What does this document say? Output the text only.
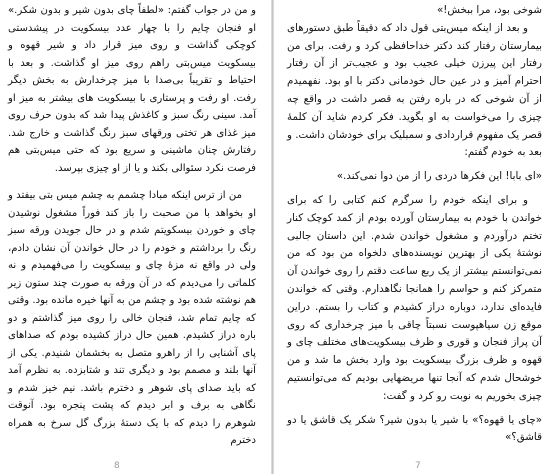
و من در جواب گفتم: «لطفاً چای بدون شیر و بدون شکر.» او فنجان چایم را با چهار عدد بیسکویت در پیشدستی کوچکی گذاشت و روی میز قرار داد و شیر قهوه و بیسکویت میس‌بتی راهم روی میز او گذاشت. و بعد با احتیاط و تقریباً بی‌صدا با میز چرخدارش به بخش دیگر رفت. او رفت و پرستاری با بیسکویت های بیشتر به میز او آمد. سینی رنگ سبز و کاغذش پیدا شد که بدون حرف روی میز غذای هر تختی ورقهای سبز رنگ گذاشت و خارج شد. رفتارش چنان ماشینی و سریع بود که حتی میس‌بتی هم فرصت نکرد سئوالی بکند و یا از او چیزی بپرسد.

من از ترس اینکه مبادا چشمم به چشم میس بتی بیفتد و او بخواهد با من صحبت را باز کند فوراً مشغول نوشیدن چای و خوردن بیسکویتم شدم و در حال جویدن ورقه سبز رنگ را برداشتم و خودم را در حال خواندن آن نشان دادم، ولی در واقع نه مزهٔ چای و بیسکویت را می‌فهمیدم و نه کلماتی را می‌دیدم که در آن ورقه به صورت چند ستون زیر هم نوشته شده بود و چشم من به آنها خیره مانده بود. وقتی که چایم تمام شد، فنجان خالی را روی میز گذاشتم و دو باره دراز کشیدم. همین حال دراز کشیده بودم که صداهای پای آشنایی را از راهرو متصل به بخشمان شنیدم. یکی از آنها بلند و مصمم بود و دیگری تند و شتابزده. به نظرم آمد که باید صدای پای شوهر و دخترم باشد. نیم خیز شدم و نگاهی به برف و ابر دیدم که پشت پنجره بود. آنوقت شوهرم را دیدم که با یک دستهٔ بزرگ گل سرخ به همراه دخترم

8

شوخی بود، مرا ببخش!»

و بعد از اینکه میس‌بتی قول داد که دقیقاً طبق دستورهای بیمارستان رفتار کند دکتر خداحافظی کرد و رفت. برای من رفتار این پیرزن خیلی عجیب بود و عجیب‌تر از آن رفتار احترام آمیز و در عین حال خودمانی دکتر با او بود. نفهمیدم از آن شوخی که در باره رفتن به قصر داشت در واقع چه چیزی را می‌خواست به او بگوید. فکر کردم شاید آن کلمهٔ قصر یک مفهوم قراردادی و سمبلیک برای خودشان داشت. و بعد به خودم گفتم:

«ای بابا! این فکرها دردی را از من دوا نمی‌کند.»

و برای اینکه خودم را سرگرم کنم کتابی را که برای خواندن با خودم به بیمارستان آورده بودم از کمد کوچک کنار تختم درآوردم و مشغول خواندن شدم. این داستان جالبی نوشتهٔ یکی از بهترین نویسنده‌های دلخواه من بود که من نمی‌توانستم بیشتر از یک ربع ساعت دقتم را روی خواندن آن متمرکز کنم و حواسم را همانجا نگاهدارم. وقتی که خواندن فایده‌ای ندارد، دوباره دراز کشیدم و کتاب را بستم. دراین موقع زن سیاهپوست نسبتاً چاقی با میز چرخداری که روی آن پراز فنجان و قوری و ظرف بیسکویت‌های مختلف چای و قهوه و ظرف بزرگ بیسکویت بود وارد بخش ما شد و من خوشحال شدم که آنجا تنها مریضهایی بودیم که می‌توانستیم چیزی بخوریم به نوبت رو کرد و گفت:

«چای یا قهوه؟» با شیر یا بدون شیر؟ شکر یک قاشق یا دو قاشق؟»

7
